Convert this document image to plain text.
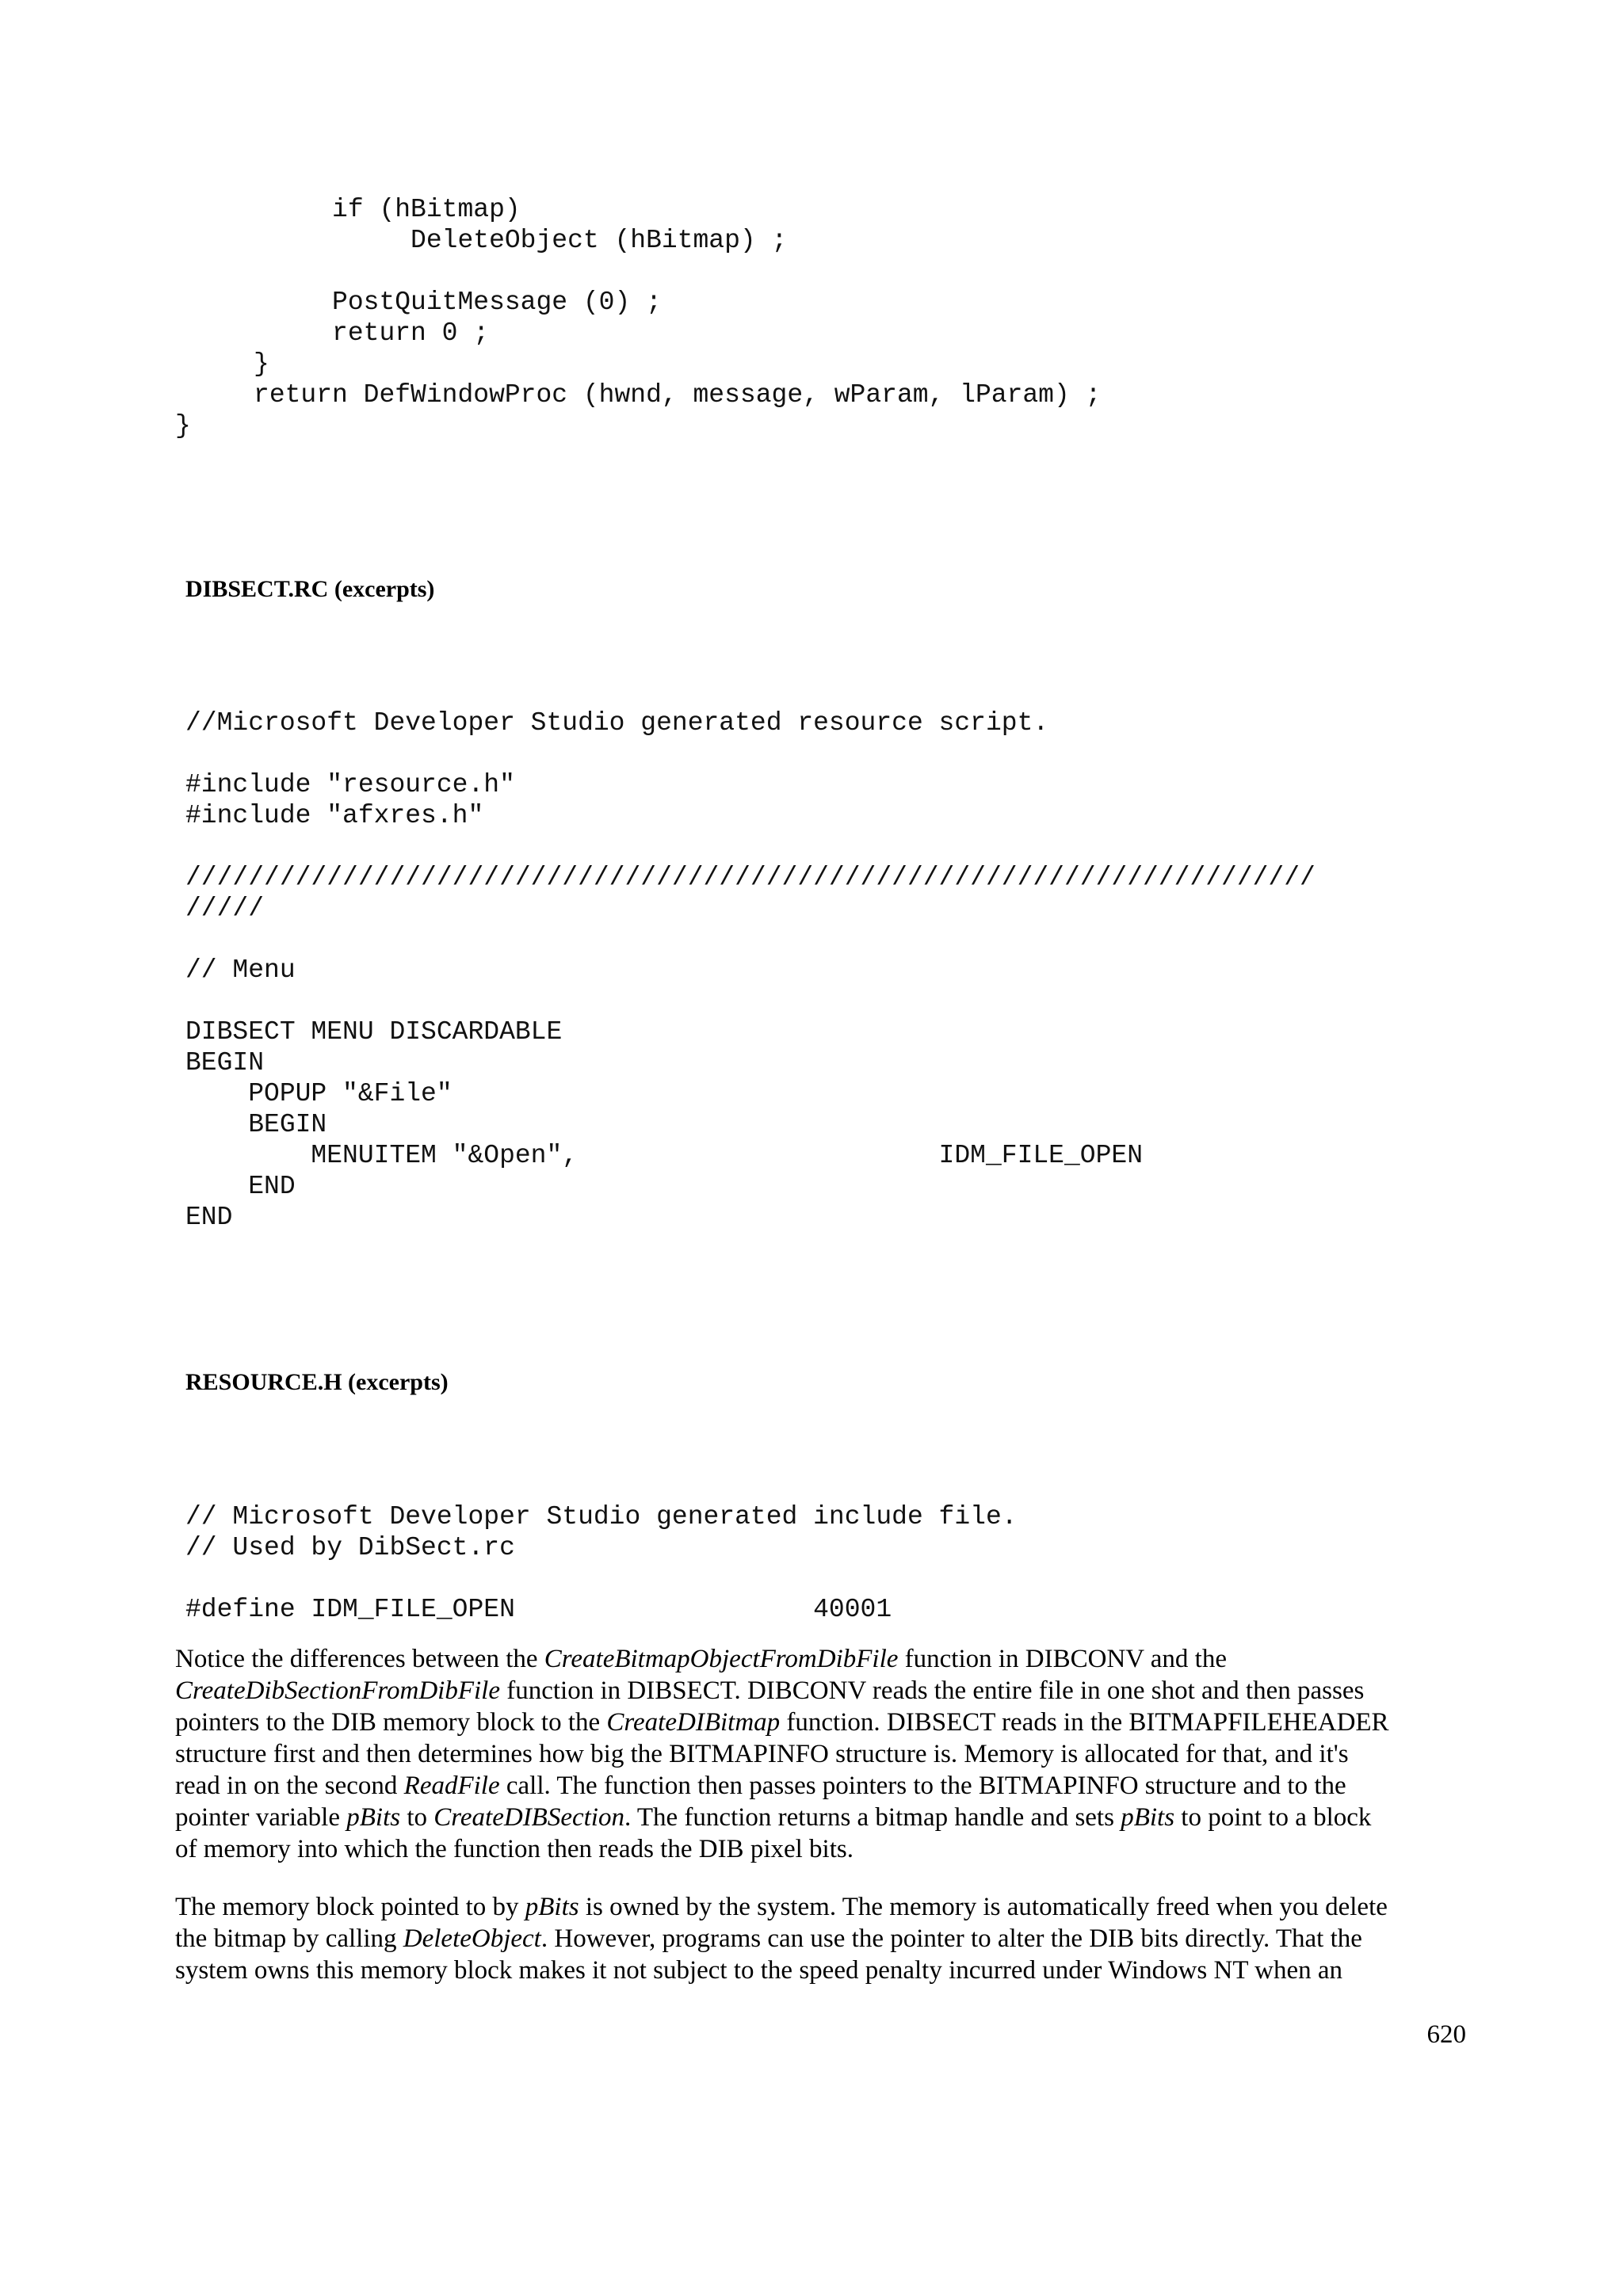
if (hBitmap)
DeleteObject (hBitmap) ;
PostQuitMessage (0) ;
return 0 ;
}
return DefWindowProc (hwnd, message, wParam, lParam) ;
}
DIBSECT.RC (excerpts)
//Microsoft Developer Studio generated resource script.
#include "resource.h"
#include "afxres.h"
////////////////////////////////////////////////////////////////////////
/////
// Menu
DIBSECT MENU DISCARDABLE
BEGIN
POPUP "&File"
BEGIN
MENUITEM "&Open",                       IDM_FILE_OPEN
END
END
RESOURCE.H (excerpts)
// Microsoft Developer Studio generated include file.
// Used by DibSect.rc
#define IDM_FILE_OPEN                   40001
Notice the differences between the CreateBitmapObjectFromDibFile function in DIBCONV and the
CreateDibSectionFromDibFile function in DIBSECT. DIBCONV reads the entire file in one shot and then passes
pointers to the DIB memory block to the CreateDIBitmap function. DIBSECT reads in the BITMAPFILEHEADER
structure first and then determines how big the BITMAPINFO structure is. Memory is allocated for that, and it's
read in on the second ReadFile call. The function then passes pointers to the BITMAPINFO structure and to the
pointer variable pBits to CreateDIBSection. The function returns a bitmap handle and sets pBits to point to a block
of memory into which the function then reads the DIB pixel bits.
The memory block pointed to by pBits is owned by the system. The memory is automatically freed when you delete
the bitmap by calling DeleteObject. However, programs can use the pointer to alter the DIB bits directly. That the
system owns this memory block makes it not subject to the speed penalty incurred under Windows NT when an
620
